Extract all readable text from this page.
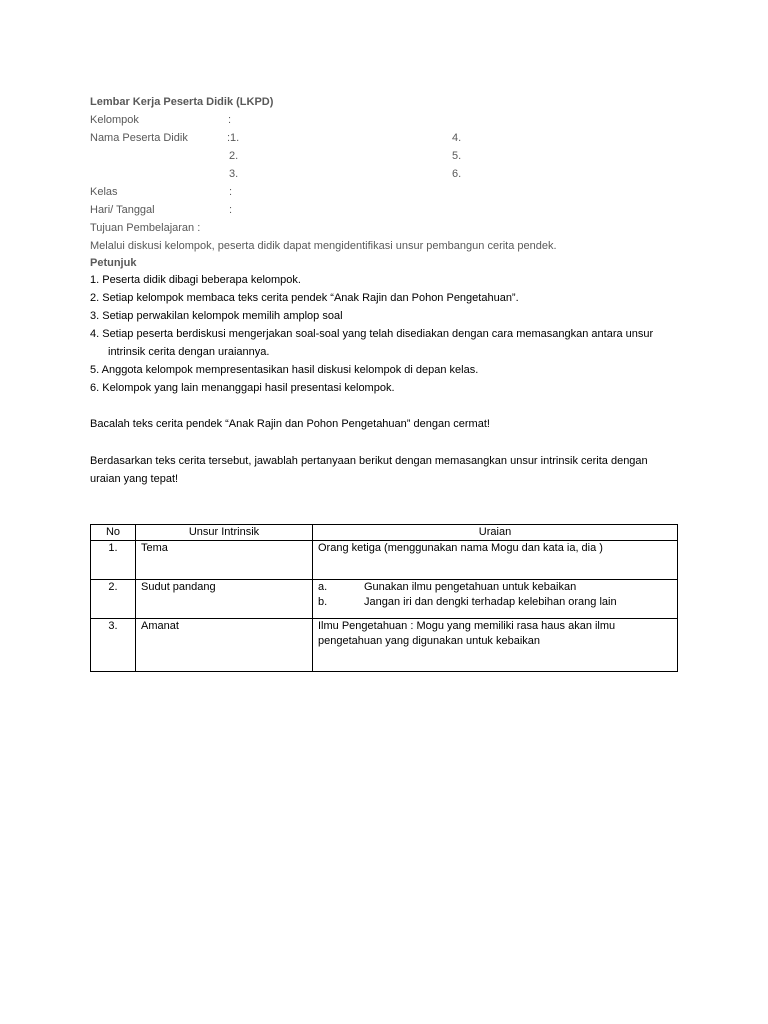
Lembar Kerja Peserta Didik (LKPD)
Kelompok	:
Nama Peserta Didik	:1.	4.
2.	5.
3.	6.
Kelas	:
Hari/ Tanggal	:
Tujuan Pembelajaran :
Melalui diskusi kelompok, peserta didik dapat mengidentifikasi unsur pembangun cerita pendek.
Petunjuk
1. Peserta didik dibagi beberapa kelompok.
2. Setiap kelompok membaca teks cerita pendek “Anak Rajin dan Pohon Pengetahuan”.
3. Setiap perwakilan kelompok memilih amplop soal
4. Setiap peserta berdiskusi mengerjakan soal-soal yang telah disediakan dengan cara memasangkan antara unsur
intrinsik cerita dengan uraiannya.
5. Anggota kelompok mempresentasikan hasil diskusi kelompok di depan kelas.
6. Kelompok yang lain menanggapi hasil presentasi kelompok.
Bacalah teks cerita pendek “Anak Rajin dan Pohon Pengetahuan” dengan cermat!
Berdasarkan teks cerita tersebut, jawablah pertanyaan berikut dengan memasangkan unsur intrinsik cerita dengan
uraian yang tepat!
No	Unsur Intrinsik	Uraian
1.	Tema	Orang ketiga (menggunakan nama Mogu dan kata ia, dia )
2.	Sudut pandang	a. Gunakan ilmu pengetahuan untuk kebaikan
b. Jangan iri dan dengki terhadap kelebihan orang lain

3.	Amanat	Ilmu Pengetahuan : Mogu yang memiliki rasa haus akan ilmu
pengetahuan yang digunakan untuk kebaikan
